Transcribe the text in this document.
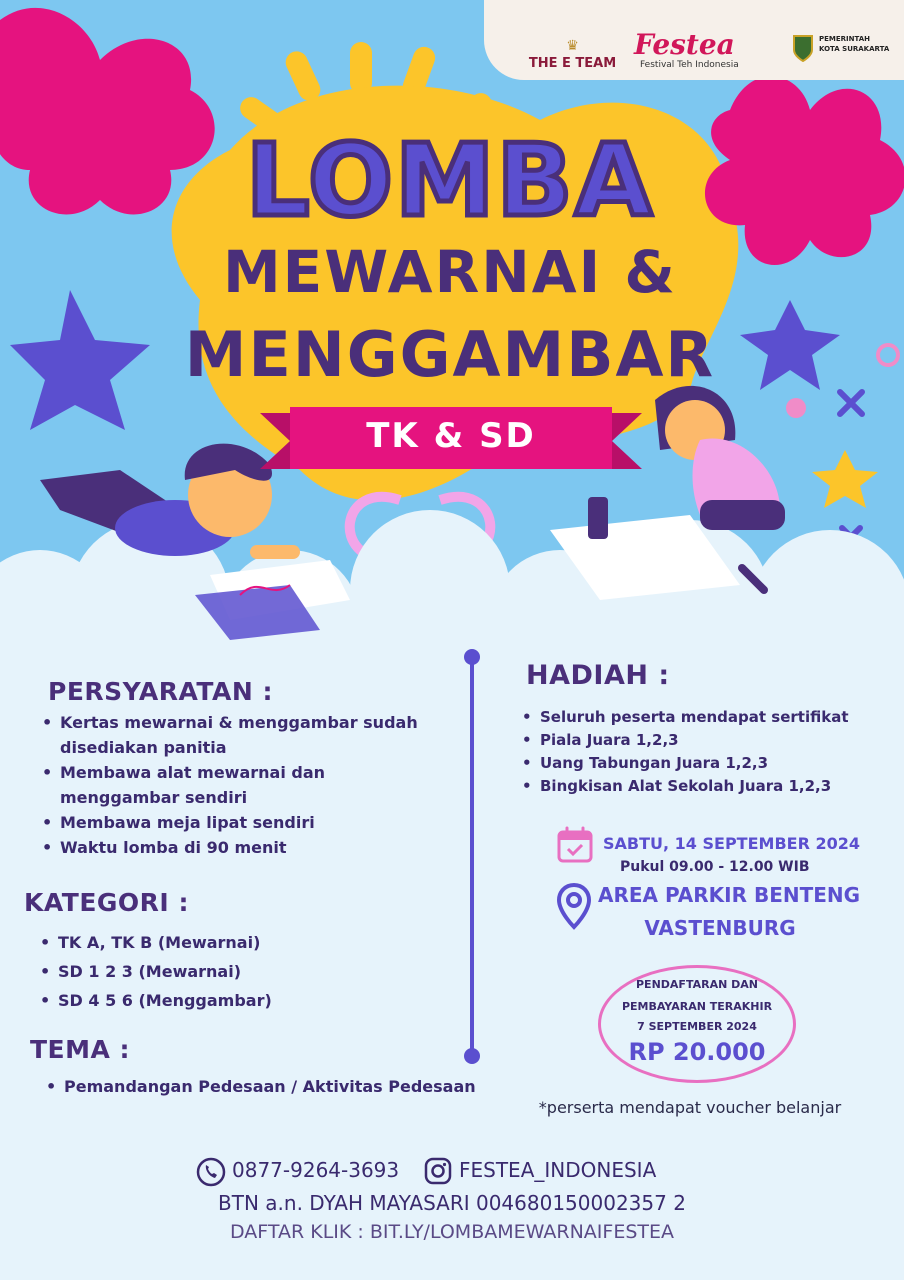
♛
THE E TEAM
Festea
Festival Teh Indonesia
PEMERINTAH
KOTA SURAKARTA
LOMBA
MEWARNAI &
MENGGAMBAR
TK & SD
PERSYARATAN :
• Kertas mewarnai & menggambar sudah disediakan panitia
• Membawa alat mewarnai dan menggambar sendiri
• Membawa meja lipat sendiri
• Waktu lomba di 90 menit
KATEGORI :
• TK A, TK B (Mewarnai)
• SD 1 2 3 (Mewarnai)
• SD 4 5 6 (Menggambar)
TEMA :
• Pemandangan Pedesaan / Aktivitas Pedesaan
HADIAH :
• Seluruh peserta mendapat sertifikat
• Piala Juara 1,2,3
• Uang Tabungan Juara 1,2,3
• Bingkisan Alat Sekolah Juara 1,2,3
SABTU, 14 SEPTEMBER 2024
Pukul 09.00 - 12.00 WIB
AREA PARKIR BENTENG
VASTENBURG
PENDAFTARAN DAN
PEMBAYARAN TERAKHIR
7 SEPTEMBER 2024
RP 20.000
*perserta mendapat voucher belanjar
0877-9264-3693	FESTEA_INDONESIA
BTN a.n. DYAH MAYASARI 004680150002357 2
DAFTAR KLIK : BIT.LY/LOMBAMEWARNAIFESTEA
